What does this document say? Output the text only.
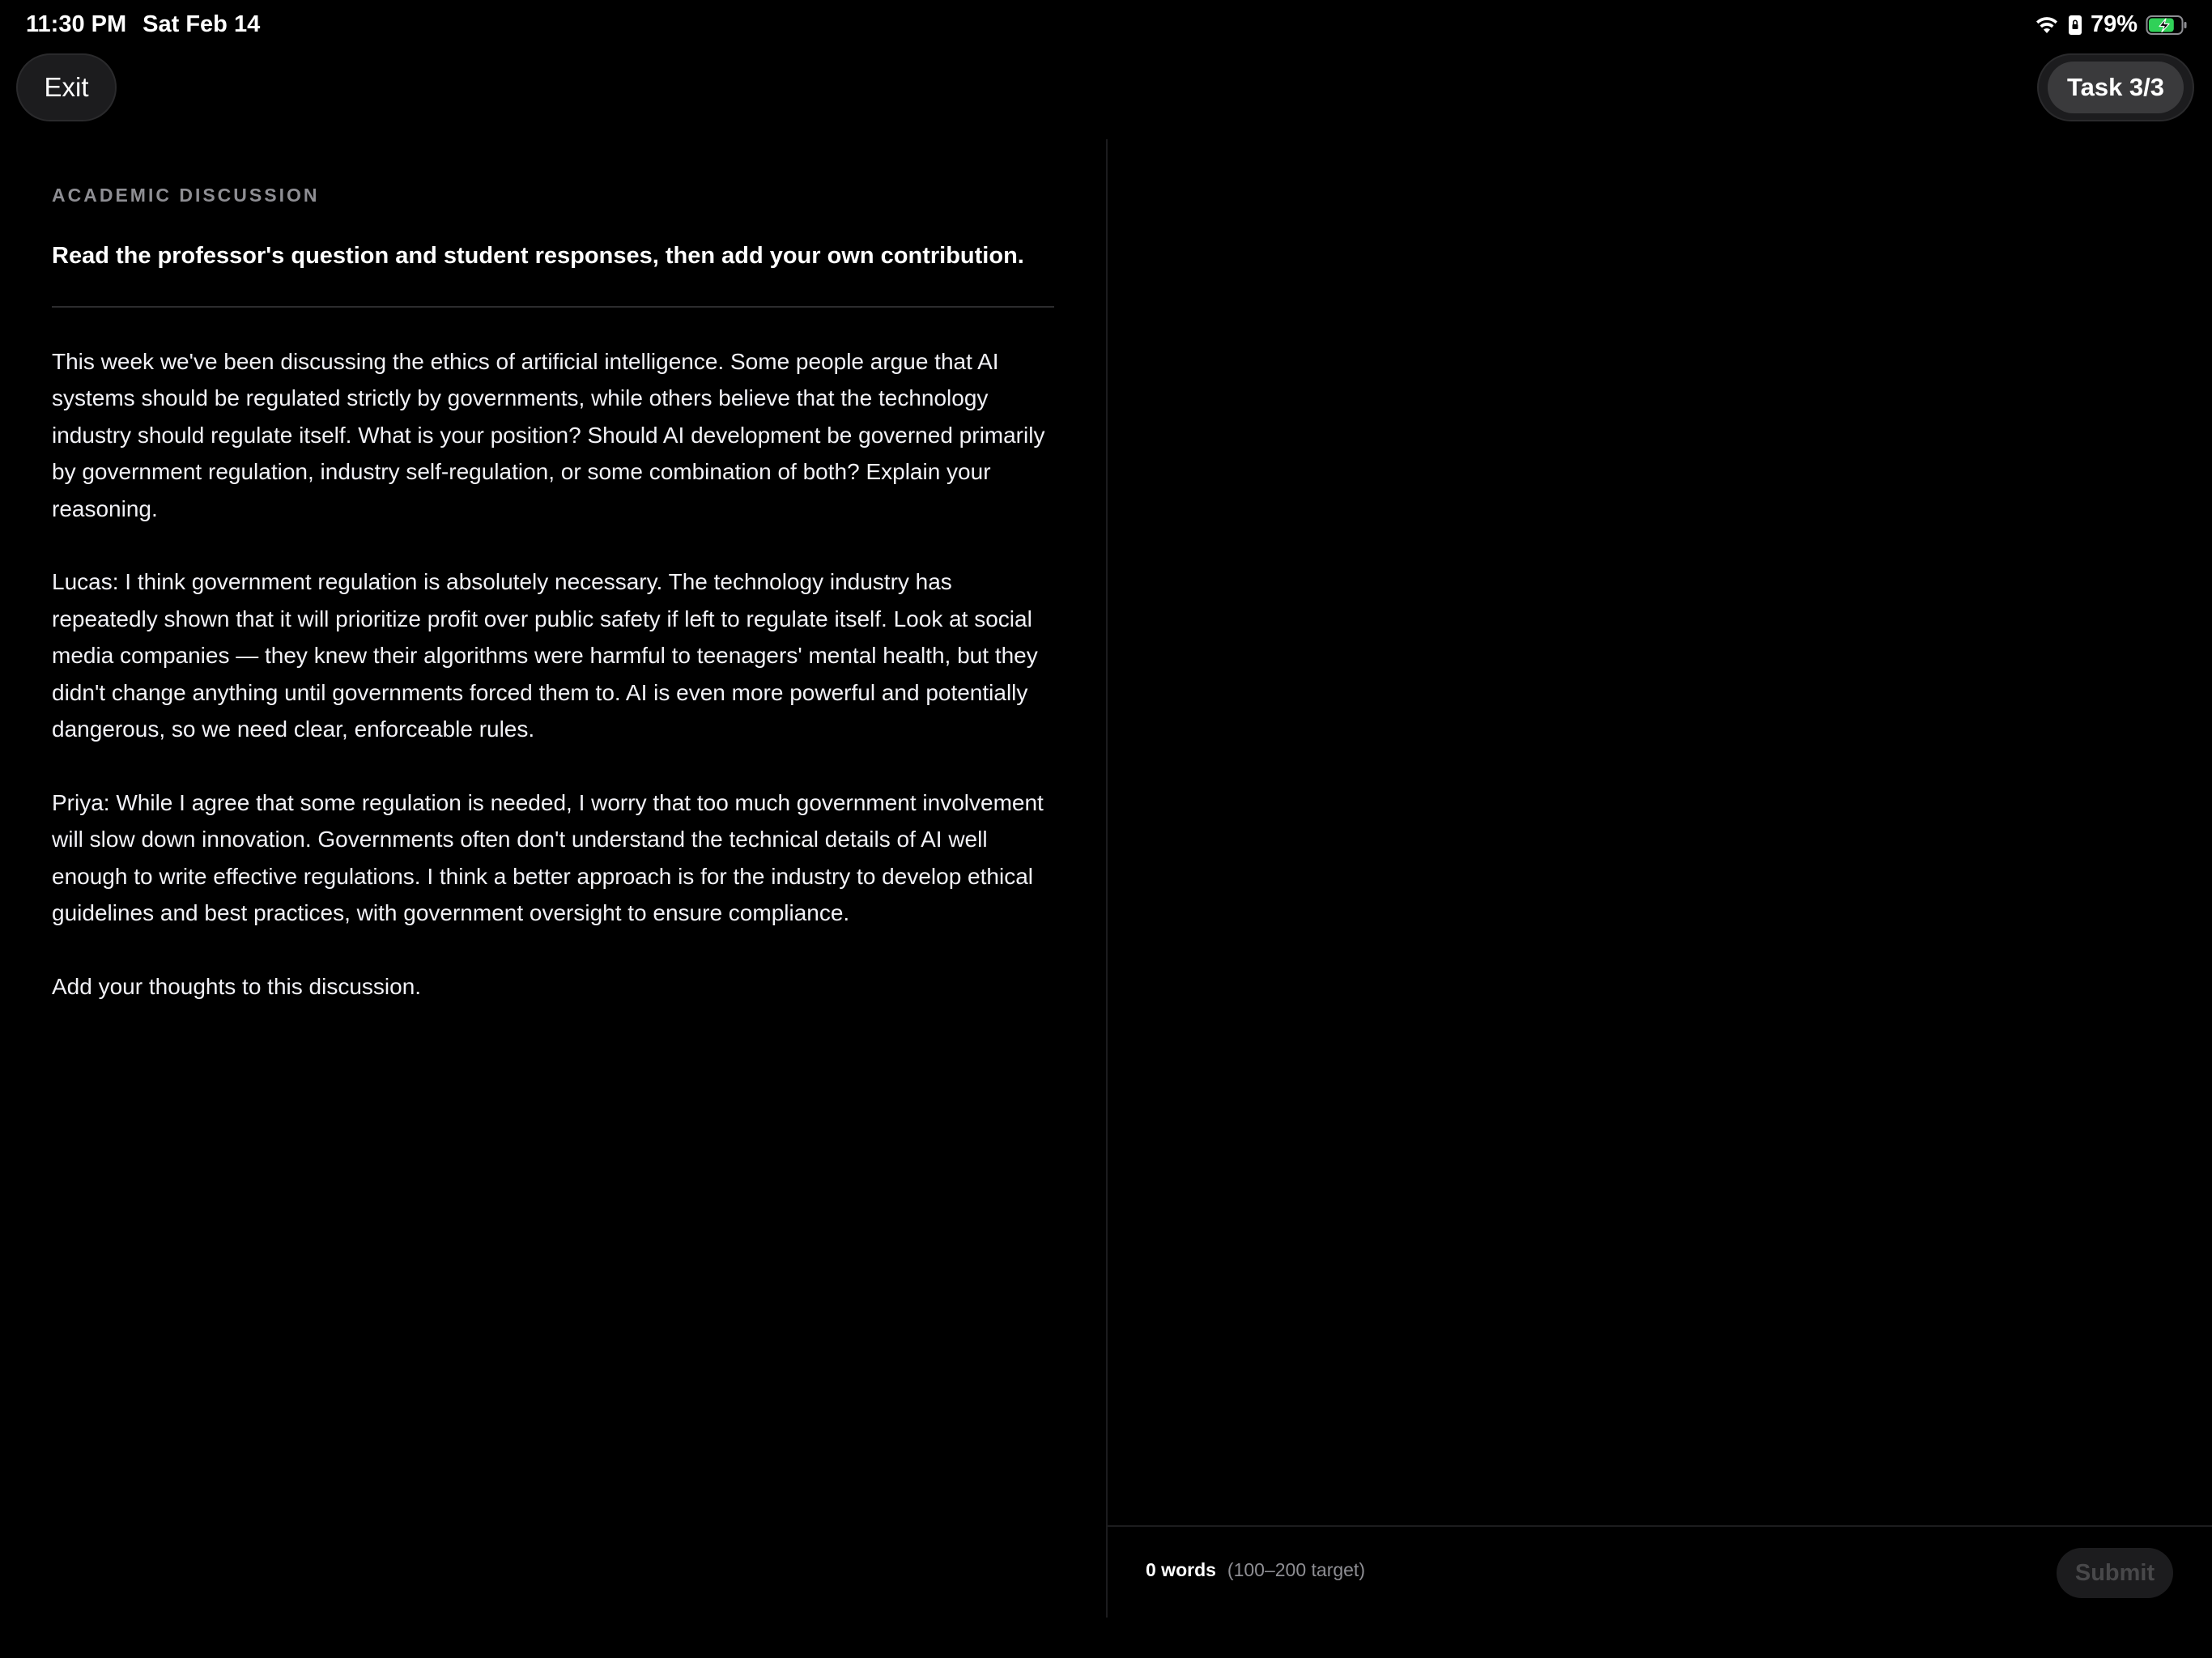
11:30 PM Sat Feb 14	79%
Exit	Task 3/3

ACADEMIC DISCUSSION

Read the professor's question and student responses, then add your own contribution.

This week we've been discussing the ethics of artificial intelligence. Some people argue that AI systems should be regulated strictly by governments, while others believe that the technology industry should regulate itself. What is your position? Should AI development be governed primarily by government regulation, industry self-regulation, or some combination of both? Explain your reasoning.

Lucas: I think government regulation is absolutely necessary. The technology industry has repeatedly shown that it will prioritize profit over public safety if left to regulate itself. Look at social media companies — they knew their algorithms were harmful to teenagers' mental health, but they didn't change anything until governments forced them to. AI is even more powerful and potentially dangerous, so we need clear, enforceable rules.

Priya: While I agree that some regulation is needed, I worry that too much government involvement will slow down innovation. Governments often don't understand the technical details of AI well enough to write effective regulations. I think a better approach is for the industry to develop ethical guidelines and best practices, with government oversight to ensure compliance.

Add your thoughts to this discussion.

0 words (100–200 target)	Submit
